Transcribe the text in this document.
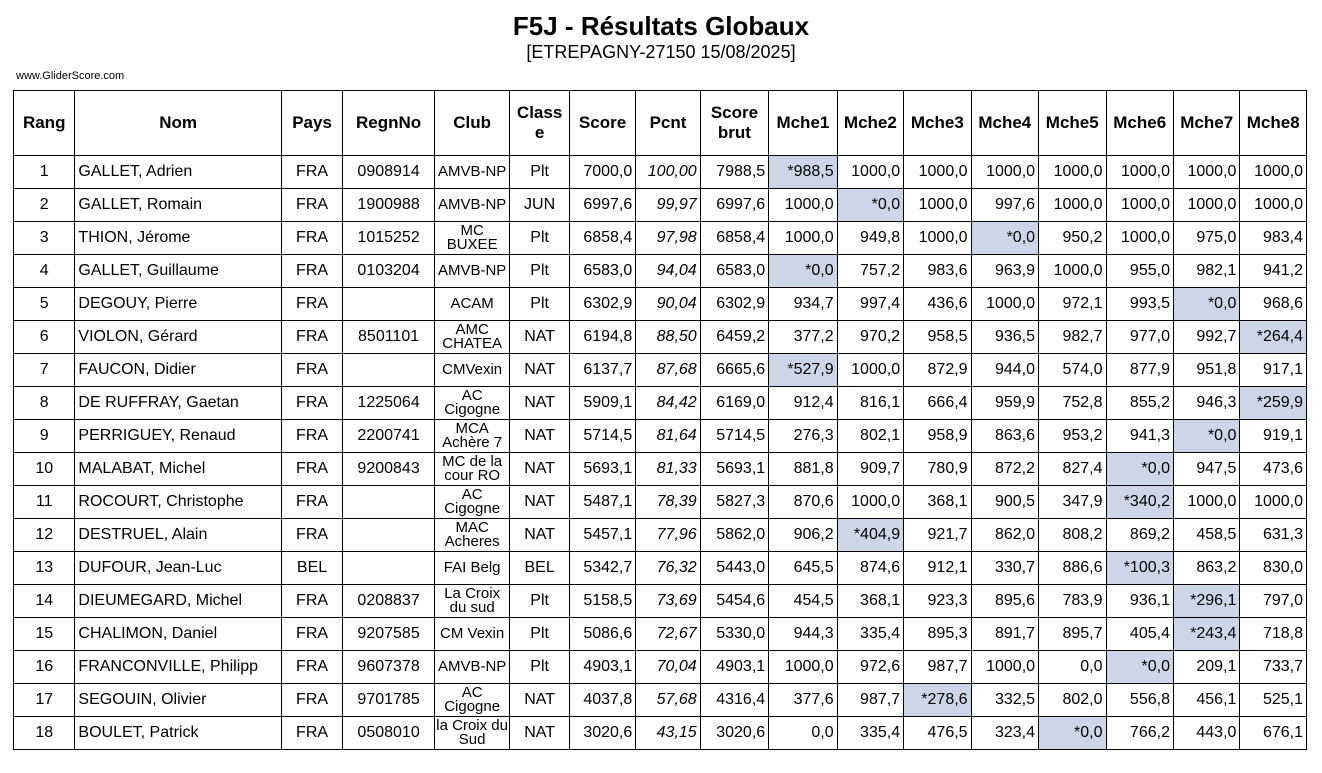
F5J - Résultats Globaux
[ETREPAGNY-27150 15/08/2025]
www.GliderScore.com
Rang	Nom	Pays	RegnNo	Club	Classe	Score	Pcnt	Score brut	Mche1	Mche2	Mche3	Mche4	Mche5	Mche6	Mche7	Mche8
1	GALLET, Adrien	FRA	0908914	AMVB-NP	Plt	7000,0	100,00	7988,5	*988,5	1000,0	1000,0	1000,0	1000,0	1000,0	1000,0	1000,0
2	GALLET, Romain	FRA	1900988	AMVB-NP	JUN	6997,6	99,97	6997,6	1000,0	*0,0	1000,0	997,6	1000,0	1000,0	1000,0	1000,0
3	THION, Jérome	FRA	1015252	MC BUXEE	Plt	6858,4	97,98	6858,4	1000,0	949,8	1000,0	*0,0	950,2	1000,0	975,0	983,4
4	GALLET, Guillaume	FRA	0103204	AMVB-NP	Plt	6583,0	94,04	6583,0	*0,0	757,2	983,6	963,9	1000,0	955,0	982,1	941,2
5	DEGOUY, Pierre	FRA		ACAM	Plt	6302,9	90,04	6302,9	934,7	997,4	436,6	1000,0	972,1	993,5	*0,0	968,6
6	VIOLON, Gérard	FRA	8501101	AMC CHATEA	NAT	6194,8	88,50	6459,2	377,2	970,2	958,5	936,5	982,7	977,0	992,7	*264,4
7	FAUCON, Didier	FRA		CMVexin	NAT	6137,7	87,68	6665,6	*527,9	1000,0	872,9	944,0	574,0	877,9	951,8	917,1
8	DE RUFFRAY, Gaetan	FRA	1225064	AC Cigogne	NAT	5909,1	84,42	6169,0	912,4	816,1	666,4	959,9	752,8	855,2	946,3	*259,9
9	PERRIGUEY, Renaud	FRA	2200741	MCA Achère 7	NAT	5714,5	81,64	5714,5	276,3	802,1	958,9	863,6	953,2	941,3	*0,0	919,1
10	MALABAT, Michel	FRA	9200843	MC de la cour RO	NAT	5693,1	81,33	5693,1	881,8	909,7	780,9	872,2	827,4	*0,0	947,5	473,6
11	ROCOURT, Christophe	FRA		AC Cigogne	NAT	5487,1	78,39	5827,3	870,6	1000,0	368,1	900,5	347,9	*340,2	1000,0	1000,0
12	DESTRUEL, Alain	FRA		MAC Acheres	NAT	5457,1	77,96	5862,0	906,2	*404,9	921,7	862,0	808,2	869,2	458,5	631,3
13	DUFOUR, Jean-Luc	BEL		FAI Belg	BEL	5342,7	76,32	5443,0	645,5	874,6	912,1	330,7	886,6	*100,3	863,2	830,0
14	DIEUMEGARD, Michel	FRA	0208837	La Croix du sud	Plt	5158,5	73,69	5454,6	454,5	368,1	923,3	895,6	783,9	936,1	*296,1	797,0
15	CHALIMON, Daniel	FRA	9207585	CM Vexin	Plt	5086,6	72,67	5330,0	944,3	335,4	895,3	891,7	895,7	405,4	*243,4	718,8
16	FRANCONVILLE, Philipp	FRA	9607378	AMVB-NP	Plt	4903,1	70,04	4903,1	1000,0	972,6	987,7	1000,0	0,0	*0,0	209,1	733,7
17	SEGOUIN, Olivier	FRA	9701785	AC Cigogne	NAT	4037,8	57,68	4316,4	377,6	987,7	*278,6	332,5	802,0	556,8	456,1	525,1
18	BOULET, Patrick	FRA	0508010	la Croix du Sud	NAT	3020,6	43,15	3020,6	0,0	335,4	476,5	323,4	*0,0	766,2	443,0	676,1
